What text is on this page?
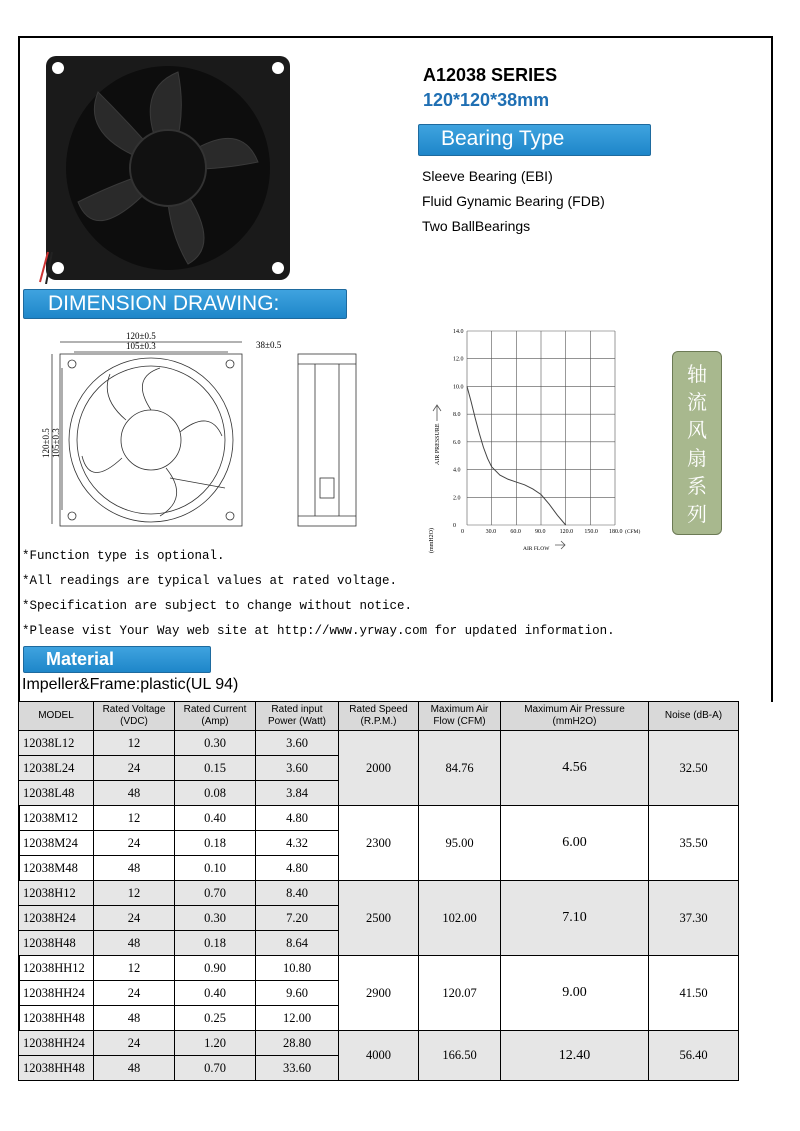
A12038 SERIES
120*120*38mm
Bearing Type
Sleeve Bearing (EBI)
Fluid Gynamic Bearing (FDB)
Two BallBearings
DIMENSION DRAWING:
120±0.5
105±0.3	38±0.5
120±0.5 105±0.3
0	30.0 60.0 90.0 120.0 150.0 180.0
0
2.0
4.0
6.0
8.0
10.0
12.0
14.0
(mmH2O)
AIR PRESSURE
AIR FLOW
(CFM)
轴
流
风
扇
系
列
*Function type is optional.
*All readings are typical values at rated voltage.
*Specification are subject to change without notice.
*Please vist Your Way web site at http://www.yrway.com for updated information.
Material
Impeller&Frame:plastic(UL 94)
MODEL	Rated Voltage (VDC)	Rated Current (Amp)	Rated input Power (Watt)	Rated Speed (R.P.M.)	Maximum Air Flow (CFM)	Maximum Air Pressure (mmH2O)	Noise (dB-A)	
12038L12	12	0.30	3.60	2000	84.76	4.56	32.50	
12038L24	24	0.15	3.60					
12038L48	48	0.08	3.84					
12038M12	12	0.40	4.80	2300	95.00	6.00	35.50	
12038M24	24	0.18	4.32					
12038M48	48	0.10	4.80					
12038H12	12	0.70	8.40	2500	102.00	7.10	37.30	
12038H24	24	0.30	7.20					
12038H48	48	0.18	8.64					
12038HH12	12	0.90	10.80	2900	120.07	9.00	41.50	
12038HH24	24	0.40	9.60					
12038HH48	48	0.25	12.00					
12038HH24	24	1.20	28.80	4000	166.50	12.40	56.40	
12038HH48	48	0.70	33.60					
